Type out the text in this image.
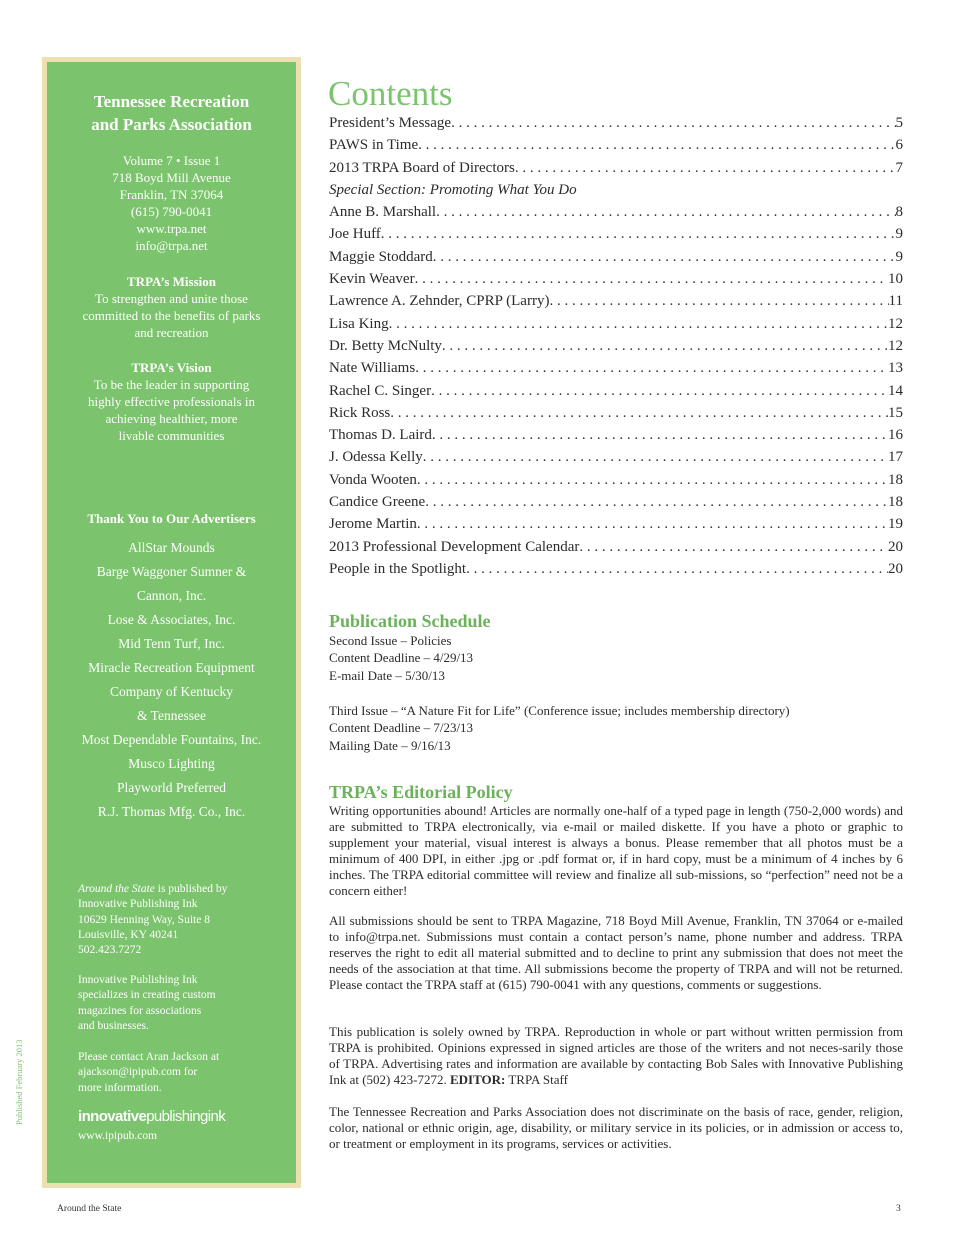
Tennessee Recreation
and Parks Association
Volume 7 • Issue 1
718 Boyd Mill Avenue
Franklin, TN 37064
(615) 790-0041
www.trpa.net
info@trpa.net
TRPA’s Mission
To strengthen and unite those
committed to the benefits of parks
and recreation
TRPA’s Vision
To be the leader in supporting
highly effective professionals in
achieving healthier, more
livable communities
Thank You to Our Advertisers
AllStar Mounds
Barge Waggoner Sumner &
Cannon, Inc.
Lose & Associates, Inc.
Mid Tenn Turf, Inc.
Miracle Recreation Equipment
Company of Kentucky
& Tennessee
Most Dependable Fountains, Inc.
Musco Lighting
Playworld Preferred
R.J. Thomas Mfg. Co., Inc.
Around the State is published by
Innovative Publishing Ink
10629 Henning Way, Suite 8
Louisville, KY 40241
502.423.7272
Innovative Publishing Ink
specializes in creating custom
magazines for associations
and businesses.
Please contact Aran Jackson at
ajackson@ipipub.com for
more information.
innovativepublishingink
www.ipipub.com
Published February 2013
Contents
President’s Message . . .	5
PAWS in Time . . .	6
2013 TRPA Board of Directors . . .	7
Special Section: Promoting What You Do
Anne B. Marshall . . .	8
Joe Huff . . .	9
Maggie Stoddard . . .	9
Kevin Weaver . . .	10
Lawrence A. Zehnder, CPRP (Larry) . . .	11
Lisa King . . .	12
Dr. Betty McNulty . . .	12
Nate Williams . . .	13
Rachel C. Singer . . .	14
Rick Ross . . .	15
Thomas D. Laird . . .	16
J. Odessa Kelly . . .	17
Vonda Wooten . . .	18
Candice Greene . . .	18
Jerome Martin . . .	19
2013 Professional Development Calendar . . .	20
People in the Spotlight . . .	20
Publication Schedule
Second Issue – Policies
Content Deadline – 4/29/13
E-mail Date – 5/30/13
Third Issue – “A Nature Fit for Life” (Conference issue; includes membership directory)
Content Deadline – 7/23/13
Mailing Date – 9/16/13
TRPA’s Editorial Policy

Writing opportunities abound! Articles are normally one-half of a typed page in length (750-2,000 words) and are submitted to TRPA electronically, via e-mail or mailed diskette. If you have a photo or graphic to supplement your material, visual interest is always a bonus. Please remember that all photos must be a minimum of 400 DPI, in either .jpg or .pdf format or, if in hard copy, must be a minimum of 4 inches by 6 inches. The TRPA editorial committee will review and finalize all sub-missions, so “perfection” need not be a concern either!

All submissions should be sent to TRPA Magazine, 718 Boyd Mill Avenue, Franklin, TN 37064 or e-mailed to info@trpa.net. Submissions must contain a contact person’s name, phone number and address. TRPA reserves the right to edit all material submitted and to decline to print any submission that does not meet the needs of the association at that time. All submissions become the property of TRPA and will not be returned. Please contact the TRPA staff at (615) 790-0041 with any questions, comments or suggestions.

This publication is solely owned by TRPA. Reproduction in whole or part without written permission from TRPA is prohibited. Opinions expressed in signed articles are those of the writers and not neces-sarily those of TRPA. Advertising rates and information are available by contacting Bob Sales with Innovative Publishing Ink at (502) 423-7272. EDITOR: TRPA Staff

The Tennessee Recreation and Parks Association does not discriminate on the basis of race, gender, religion, color, national or ethnic origin, age, disability, or military service in its policies, or in admission or access to, or treatment or employment in its programs, services or activities.

Around the State	3
